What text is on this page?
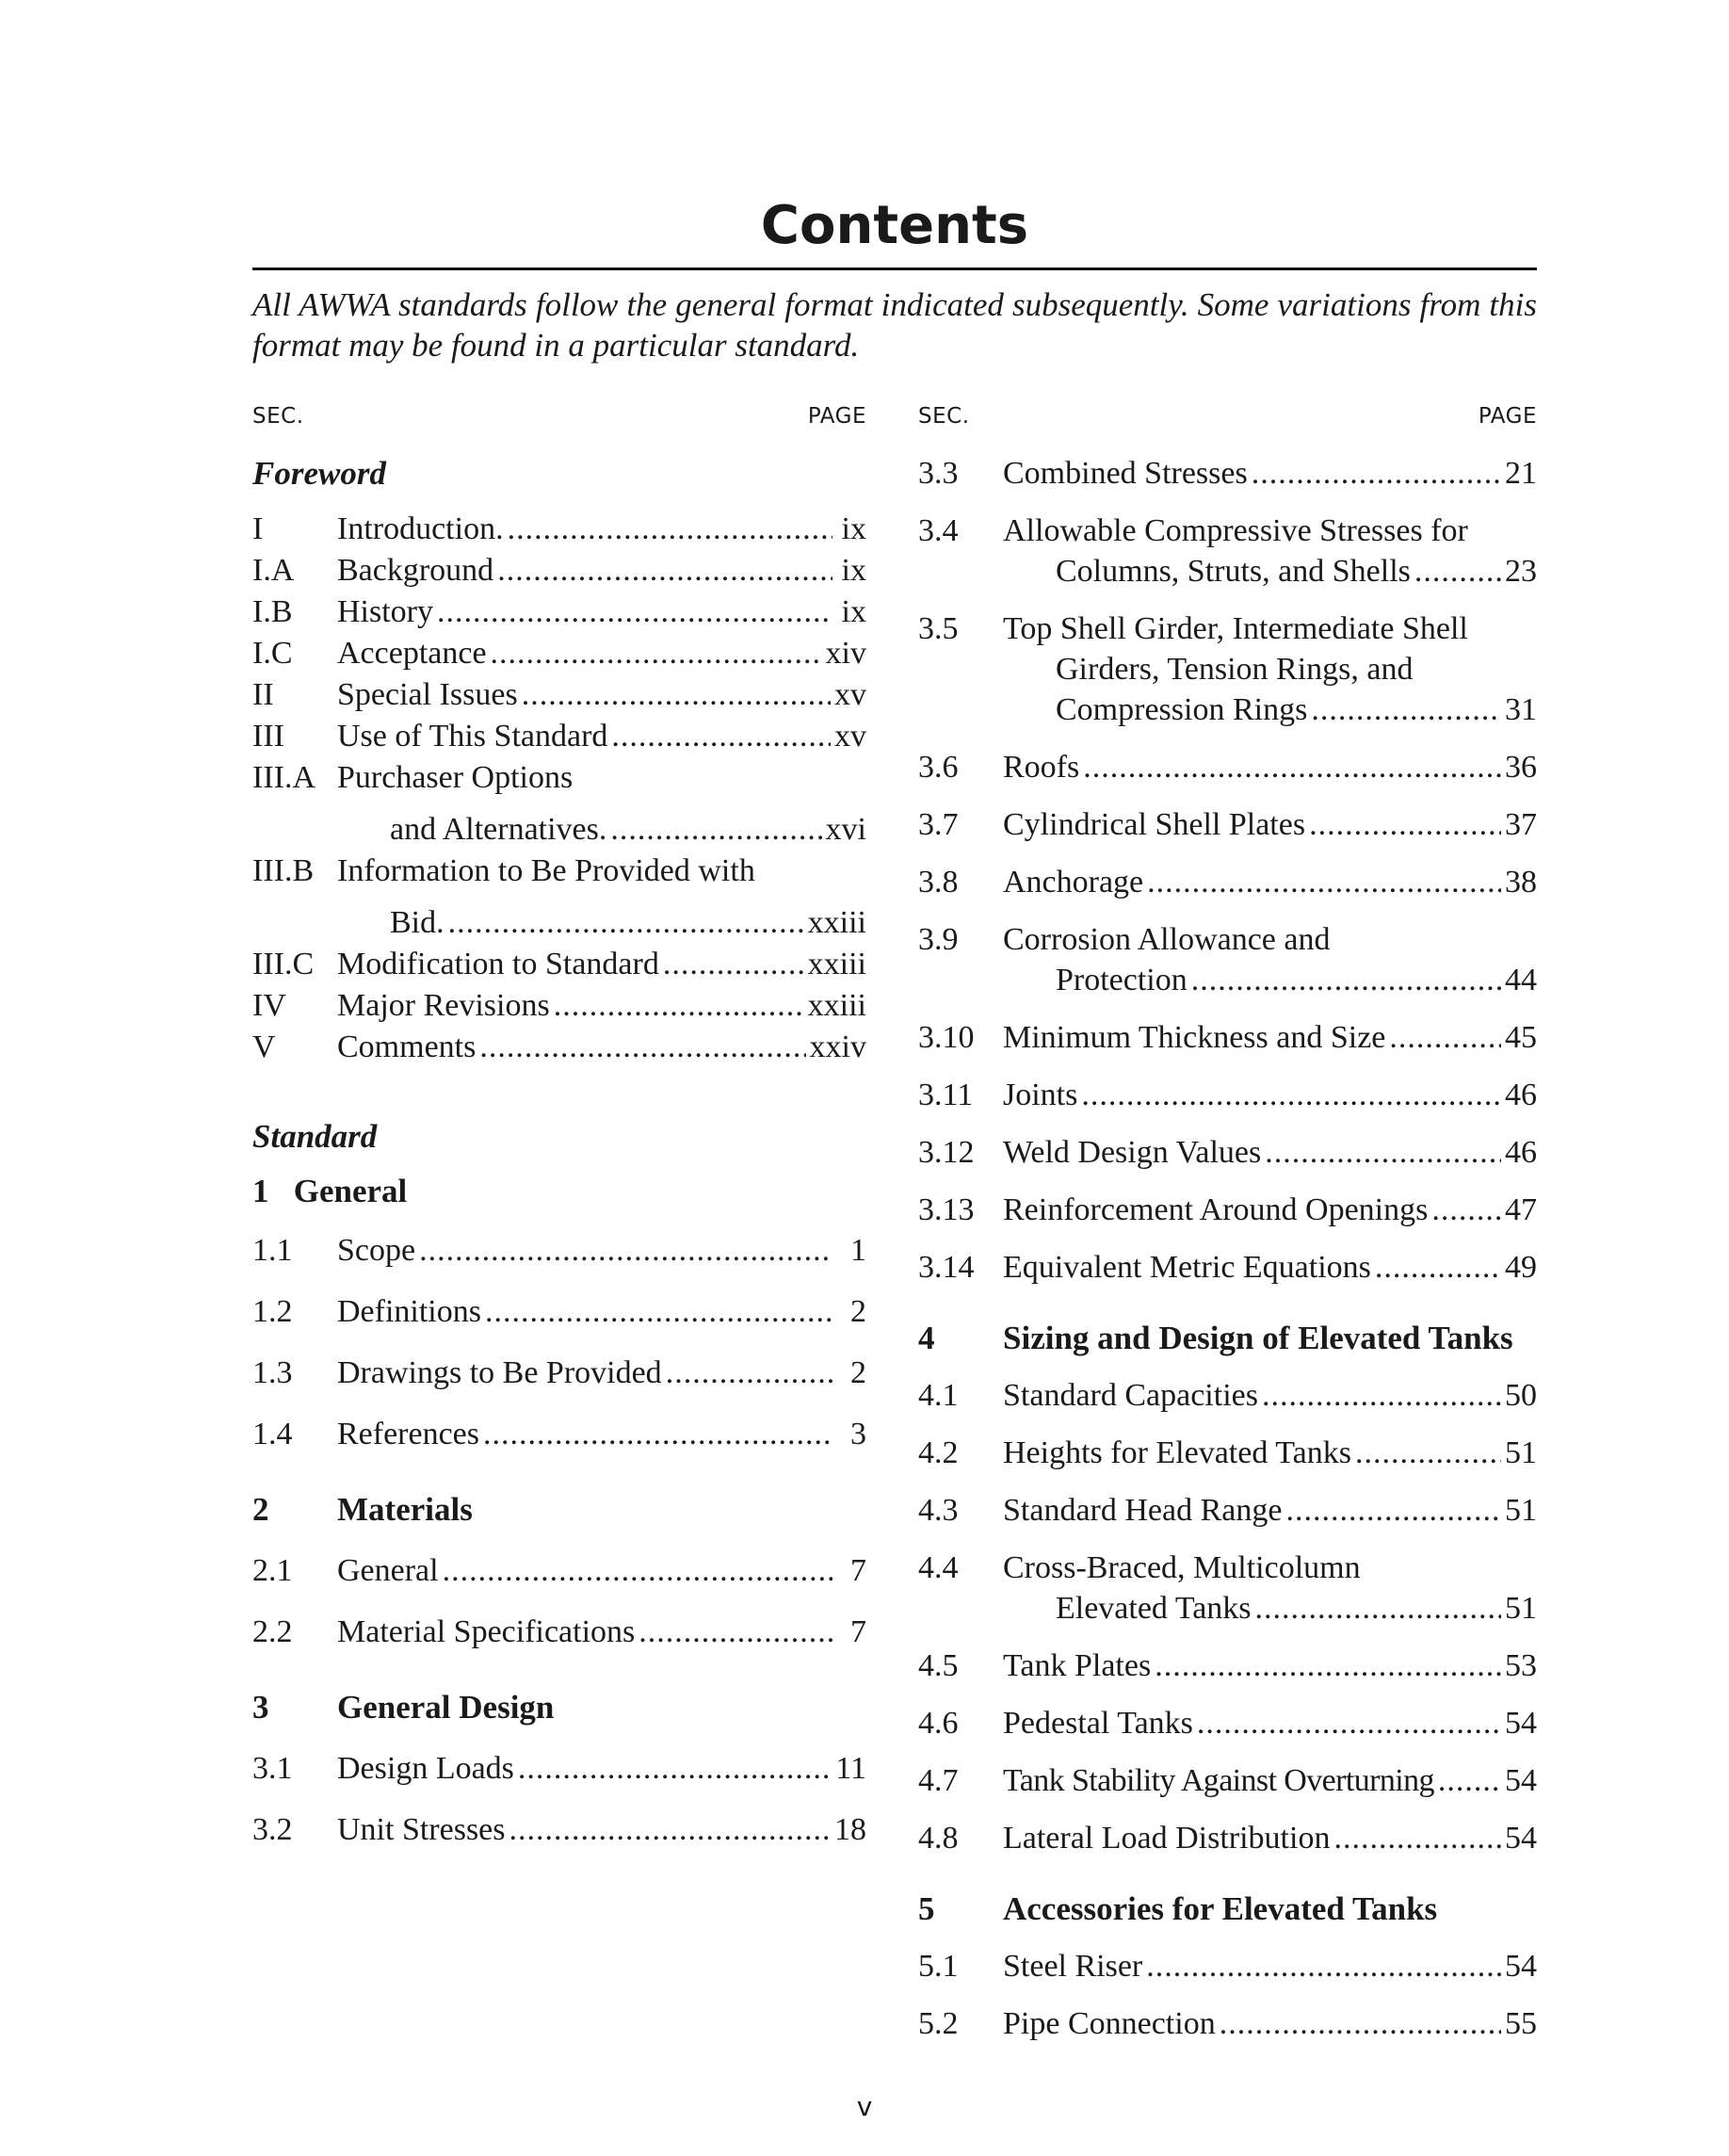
Contents
All AWWA standards follow the general format indicated subsequently. Some variations from this format may be found in a particular standard.
SEC.	PAGE
Foreword
I Introduction. .....	ix
I.A Background .....	ix
I.B History .....	ix
I.C Acceptance .....	xiv
II Special Issues .....	xv
III Use of This Standard .....	xv
III.A Purchaser Options
and Alternatives. .....	xvi
III.B Information to Be Provided with
Bid. .....	xxiii
III.C Modification to Standard .....	xxiii
IV Major Revisions .....	xxiii
V Comments .....	xxiv
Standard
1 General
1.1 Scope .....	1
1.2 Definitions .....	2
1.3 Drawings to Be Provided .....	2
1.4 References .....	3
2 Materials
2.1 General .....	7
2.2 Material Specifications .....	7
3 General Design
3.1 Design Loads .....	11
3.2 Unit Stresses .....	18
SEC.	PAGE
3.3 Combined Stresses .....	21
3.4 Allowable Compressive Stresses for
Columns, Struts, and Shells .....	23
3.5 Top Shell Girder, Intermediate Shell
Girders, Tension Rings, and
Compression Rings .....	31
3.6 Roofs .....	36
3.7 Cylindrical Shell Plates .....	37
3.8 Anchorage .....	38
3.9 Corrosion Allowance and
Protection .....	44
3.10 Minimum Thickness and Size .....	45
3.11 Joints .....	46
3.12 Weld Design Values .....	46
3.13 Reinforcement Around Openings ..... 47
3.14 Equivalent Metric Equations .....	49
4 Sizing and Design of Elevated Tanks
4.1 Standard Capacities .....	50
4.2 Heights for Elevated Tanks .....	51
4.3 Standard Head Range .....	51
4.4 Cross-Braced, Multicolumn
Elevated Tanks .....	51
4.5 Tank Plates .....	53
4.6 Pedestal Tanks .....	54
4.7 Tank Stability Against Overturning ..... 54
4.8 Lateral Load Distribution .....	54
5 Accessories for Elevated Tanks
5.1 Steel Riser .....	54
5.2 Pipe Connection .....	55
v
